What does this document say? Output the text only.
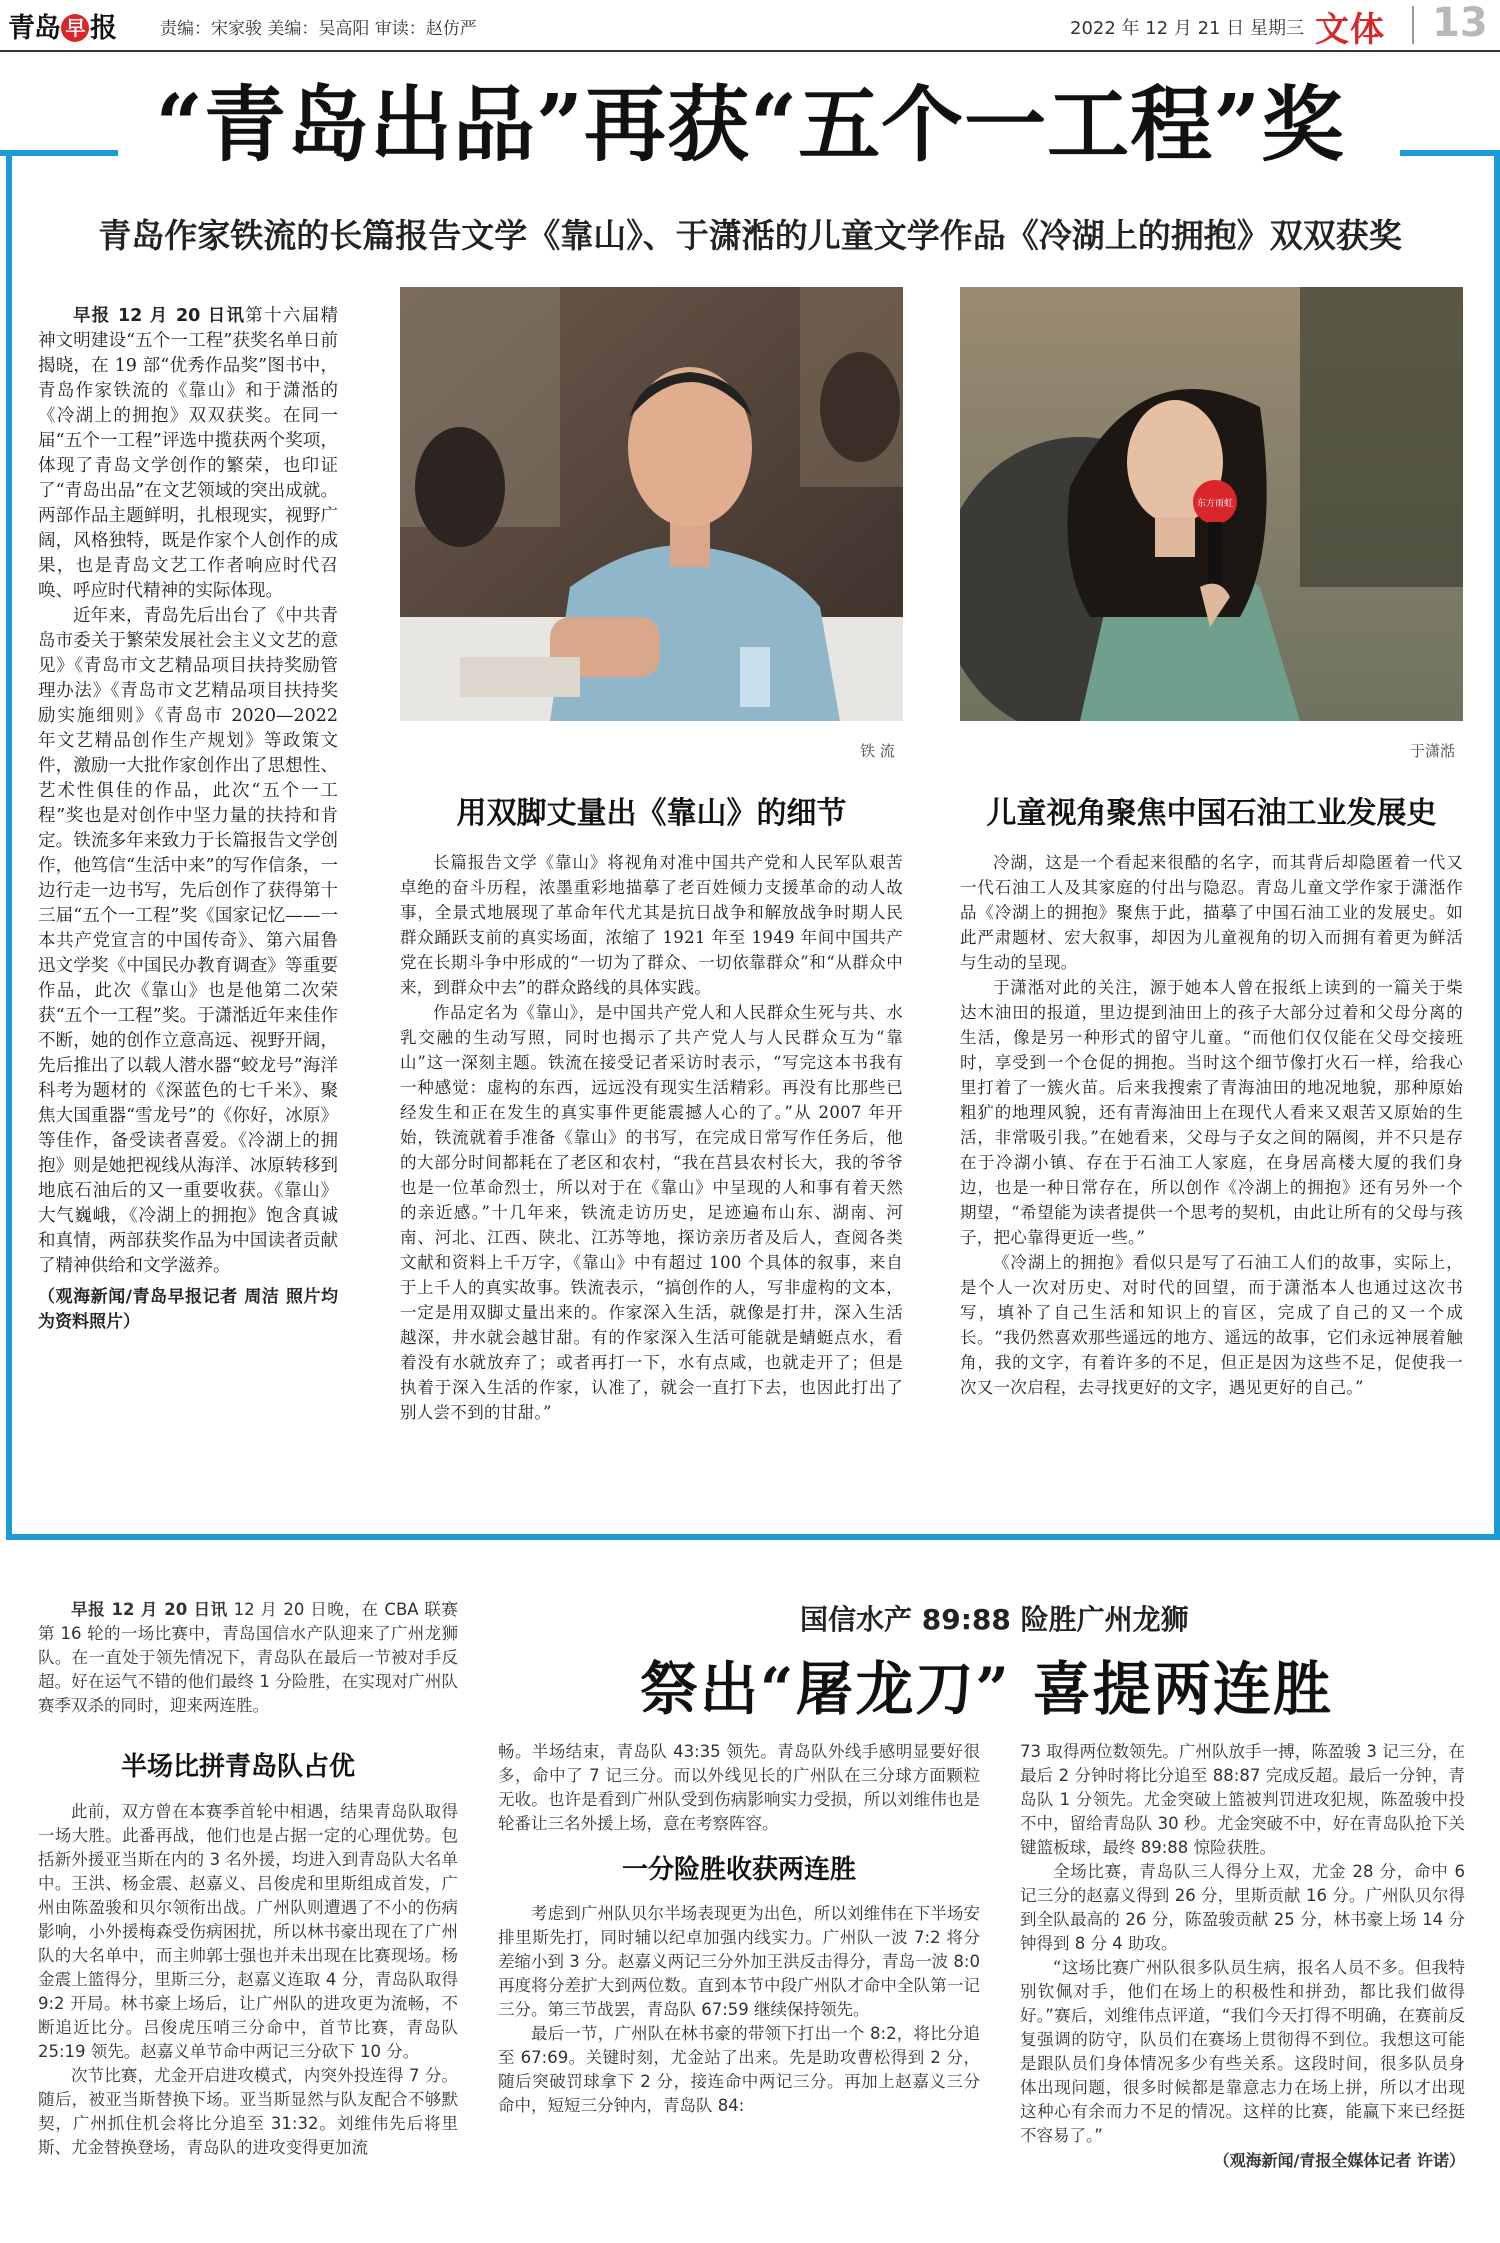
青岛 早 报	责编：宋家骏 美编：吴高阳 审读：赵仿严	2022 年 12 月 21 日 星期三 文体 13
“青岛出品”再获“五个一工程”奖
青岛作家铁流的长篇报告文学《靠山》、于潇湉的儿童文学作品《冷湖上的拥抱》双双获奖

早报 12 月 20 日讯第十六届精神文明建设“五个一工程”获奖名单日前揭晓，在 19 部“优秀作品奖”图书中，青岛作家铁流的《靠山》和于潇湉的《冷湖上的拥抱》双双获奖。在同一届“五个一工程”评选中揽获两个奖项，体现了青岛文学创作的繁荣，也印证了“青岛出品”在文艺领域的突出成就。两部作品主题鲜明，扎根现实，视野广阔，风格独特，既是作家个人创作的成果，也是青岛文艺工作者响应时代召唤、呼应时代精神的实际体现。

近年来，青岛先后出台了《中共青岛市委关于繁荣发展社会主义文艺的意见》《青岛市文艺精品项目扶持奖励管理办法》《青岛市文艺精品项目扶持奖励实施细则》《青岛市 2020—2022 年文艺精品创作生产规划》等政策文件，激励一大批作家创作出了思想性、艺术性俱佳的作品，此次“五个一工程”奖也是对创作中坚力量的扶持和肯定。铁流多年来致力于长篇报告文学创作，他笃信“生活中来”的写作信条，一边行走一边书写，先后创作了获得第十三届“五个一工程”奖《国家记忆——一本共产党宣言的中国传奇》、第六届鲁迅文学奖《中国民办教育调查》等重要作品，此次《靠山》也是他第二次荣获“五个一工程”奖。于潇湉近年来佳作不断，她的创作立意高远、视野开阔，先后推出了以载人潜水器“蛟龙号”海洋科考为题材的《深蓝色的七千米》、聚焦大国重器“雪龙号”的《你好，冰原》等佳作，备受读者喜爱。《冷湖上的拥抱》则是她把视线从海洋、冰原转移到地底石油后的又一重要收获。《靠山》大气巍峨，《冷湖上的拥抱》饱含真诚和真情，两部获奖作品为中国读者贡献了精神供给和文学滋养。

（观海新闻/青岛早报记者 周洁 照片均为资料照片）
铁 流
东方雨虹
于潇湉
用双脚丈量出《靠山》的细节

长篇报告文学《靠山》将视角对准中国共产党和人民军队艰苦卓绝的奋斗历程，浓墨重彩地描摹了老百姓倾力支援革命的动人故事，全景式地展现了革命年代尤其是抗日战争和解放战争时期人民群众踊跃支前的真实场面，浓缩了 1921 年至 1949 年间中国共产党在长期斗争中形成的“一切为了群众、一切依靠群众”和“从群众中来，到群众中去”的群众路线的具体实践。

作品定名为《靠山》，是中国共产党人和人民群众生死与共、水乳交融的生动写照，同时也揭示了共产党人与人民群众互为“靠山”这一深刻主题。铁流在接受记者采访时表示，“写完这本书我有一种感觉：虚构的东西，远远没有现实生活精彩。再没有比那些已经发生和正在发生的真实事件更能震撼人心的了。”从 2007 年开始，铁流就着手准备《靠山》的书写，在完成日常写作任务后，他的大部分时间都耗在了老区和农村，“我在莒县农村长大，我的爷爷也是一位革命烈士，所以对于在《靠山》中呈现的人和事有着天然的亲近感。”十几年来，铁流走访历史，足迹遍布山东、湖南、河南、河北、江西、陕北、江苏等地，探访亲历者及后人，查阅各类文献和资料上千万字，《靠山》中有超过 100 个具体的叙事，来自于上千人的真实故事。铁流表示，“搞创作的人，写非虚构的文本，一定是用双脚丈量出来的。作家深入生活，就像是打井，深入生活越深，井水就会越甘甜。有的作家深入生活可能就是蜻蜓点水，看着没有水就放弃了；或者再打一下，水有点咸，也就走开了；但是执着于深入生活的作家，认准了，就会一直打下去，也因此打出了别人尝不到的甘甜。”

儿童视角聚焦中国石油工业发展史

冷湖，这是一个看起来很酷的名字，而其背后却隐匿着一代又一代石油工人及其家庭的付出与隐忍。青岛儿童文学作家于潇湉作品《冷湖上的拥抱》聚焦于此，描摹了中国石油工业的发展史。如此严肃题材、宏大叙事，却因为儿童视角的切入而拥有着更为鲜活与生动的呈现。

于潇湉对此的关注，源于她本人曾在报纸上读到的一篇关于柴达木油田的报道，里边提到油田上的孩子大部分过着和父母分离的生活，像是另一种形式的留守儿童。“而他们仅仅能在父母交接班时，享受到一个仓促的拥抱。当时这个细节像打火石一样，给我心里打着了一簇火苗。后来我搜索了青海油田的地况地貌，那种原始粗犷的地理风貌，还有青海油田上在现代人看来又艰苦又原始的生活，非常吸引我。”在她看来，父母与子女之间的隔阂，并不只是存在于冷湖小镇、存在于石油工人家庭，在身居高楼大厦的我们身边，也是一种日常存在，所以创作《冷湖上的拥抱》还有另外一个期望，“希望能为读者提供一个思考的契机，由此让所有的父母与孩子，把心靠得更近一些。”

《冷湖上的拥抱》看似只是写了石油工人们的故事，实际上，是个人一次对历史、对时代的回望，而于潇湉本人也通过这次书写，填补了自己生活和知识上的盲区，完成了自己的又一个成长。“我仍然喜欢那些遥远的地方、遥远的故事，它们永远神展着触角，我的文字，有着许多的不足，但正是因为这些不足，促使我一次又一次启程，去寻找更好的文字，遇见更好的自己。”

早报 12 月 20 日讯 12 月 20 日晚，在 CBA 联赛第 16 轮的一场比赛中，青岛国信水产队迎来了广州龙狮队。在一直处于领先情况下，青岛队在最后一节被对手反超。好在运气不错的他们最终 1 分险胜，在实现对广州队赛季双杀的同时，迎来两连胜。

国信水产 89:88 险胜广州龙狮
祭出“屠龙刀” 喜提两连胜
半场比拼青岛队占优

此前，双方曾在本赛季首轮中相遇，结果青岛队取得一场大胜。此番再战，他们也是占据一定的心理优势。包括新外援亚当斯在内的 3 名外援，均进入到青岛队大名单中。王洪、杨金震、赵嘉义、吕俊虎和里斯组成首发，广州由陈盈骏和贝尔领衔出战。广州队则遭遇了不小的伤病影响，小外援梅森受伤病困扰，所以林书豪出现在了广州队的大名单中，而主帅郭士强也并未出现在比赛现场。杨金震上篮得分，里斯三分，赵嘉义连取 4 分，青岛队取得 9:2 开局。林书豪上场后，让广州队的进攻更为流畅，不断追近比分。吕俊虎压哨三分命中，首节比赛，青岛队 25:19 领先。赵嘉义单节命中两记三分砍下 10 分。

次节比赛，尤金开启进攻模式，内突外投连得 7 分。随后，被亚当斯替换下场。亚当斯显然与队友配合不够默契，广州抓住机会将比分追至 31:32。刘维伟先后将里斯、尤金替换登场，青岛队的进攻变得更加流

畅。半场结束，青岛队 43:35 领先。青岛队外线手感明显要好很多，命中了 7 记三分。而以外线见长的广州队在三分球方面颗粒无收。也许是看到广州队受到伤病影响实力受损，所以刘维伟也是轮番让三名外援上场，意在考察阵容。

一分险胜收获两连胜

考虑到广州队贝尔半场表现更为出色，所以刘维伟在下半场安排里斯先打，同时辅以纪卓加强内线实力。广州队一波 7:2 将分差缩小到 3 分。赵嘉义两记三分外加王洪反击得分，青岛一波 8:0 再度将分差扩大到两位数。直到本节中段广州队才命中全队第一记三分。第三节战罢，青岛队 67:59 继续保持领先。

最后一节，广州队在林书豪的带领下打出一个 8:2，将比分追至 67:69。关键时刻，尤金站了出来。先是助攻曹松得到 2 分，随后突破罚球拿下 2 分，接连命中两记三分。再加上赵嘉义三分命中，短短三分钟内，青岛队 84:

73 取得两位数领先。广州队放手一搏，陈盈骏 3 记三分，在最后 2 分钟时将比分追至 88:87 完成反超。最后一分钟，青岛队 1 分领先。尤金突破上篮被判罚进攻犯规，陈盈骏中投不中，留给青岛队 30 秒。尤金突破不中，好在青岛队抢下关键篮板球，最终 89:88 惊险获胜。

全场比赛，青岛队三人得分上双，尤金 28 分，命中 6 记三分的赵嘉义得到 26 分，里斯贡献 16 分。广州队贝尔得到全队最高的 26 分，陈盈骏贡献 25 分，林书豪上场 14 分钟得到 8 分 4 助攻。

“这场比赛广州队很多队员生病，报名人员不多。但我特别钦佩对手，他们在场上的积极性和拼劲，都比我们做得好。”赛后，刘维伟点评道，“我们今天打得不明确，在赛前反复强调的防守，队员们在赛场上贯彻得不到位。我想这可能是跟队员们身体情况多少有些关系。这段时间，很多队员身体出现问题，很多时候都是靠意志力在场上拼，所以才出现这种心有余而力不足的情况。这样的比赛，能赢下来已经挺不容易了。”

（观海新闻/青报全媒体记者 许诺）
